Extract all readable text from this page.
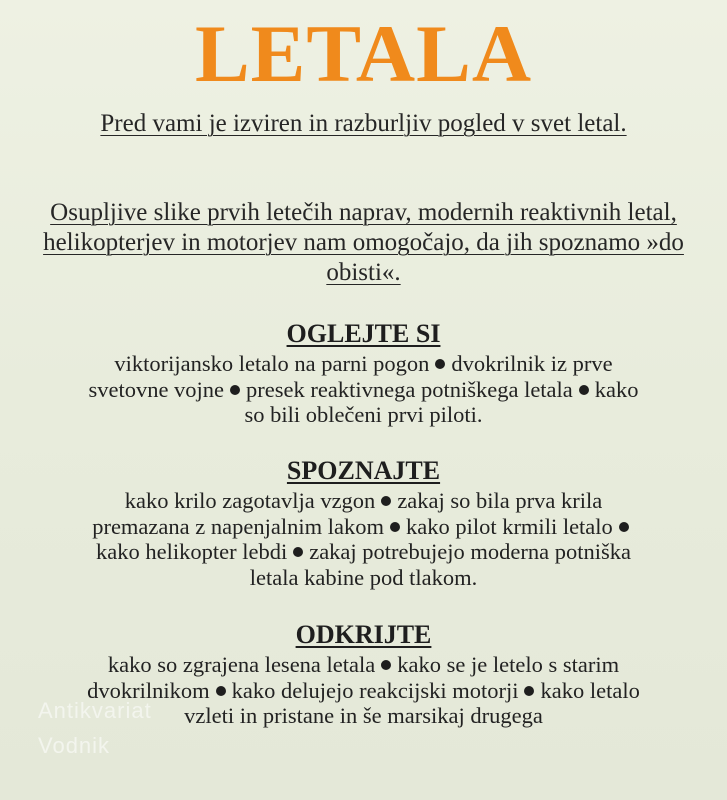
LETALA
Pred vami je izviren in razburljiv pogled v svet letal.
Osupljive slike prvih letečih naprav, modernih reaktivnih letal, helikopterjev in motorjev nam omogočajo, da jih spoznamo »do obisti«.
OGLEJTE SI
viktorijansko letalo na parni pogon dvokrilnik iz prve
svetovne vojne presek reaktivnega potniškega letala kako
so bili oblečeni prvi piloti.
SPOZNAJTE
kako krilo zagotavlja vzgon zakaj so bila prva krila
premazana z napenjalnim lakom kako pilot krmili letalo
kako helikopter lebdi zakaj potrebujejo moderna potniška
letala kabine pod tlakom.
ODKRIJTE
kako so zgrajena lesena letala kako se je letelo s starim
dvokrilnikom kako delujejo reakcijski motorji kako letalo
vzleti in pristane in še marsikaj drugega
Antikvariat
Vodnik
